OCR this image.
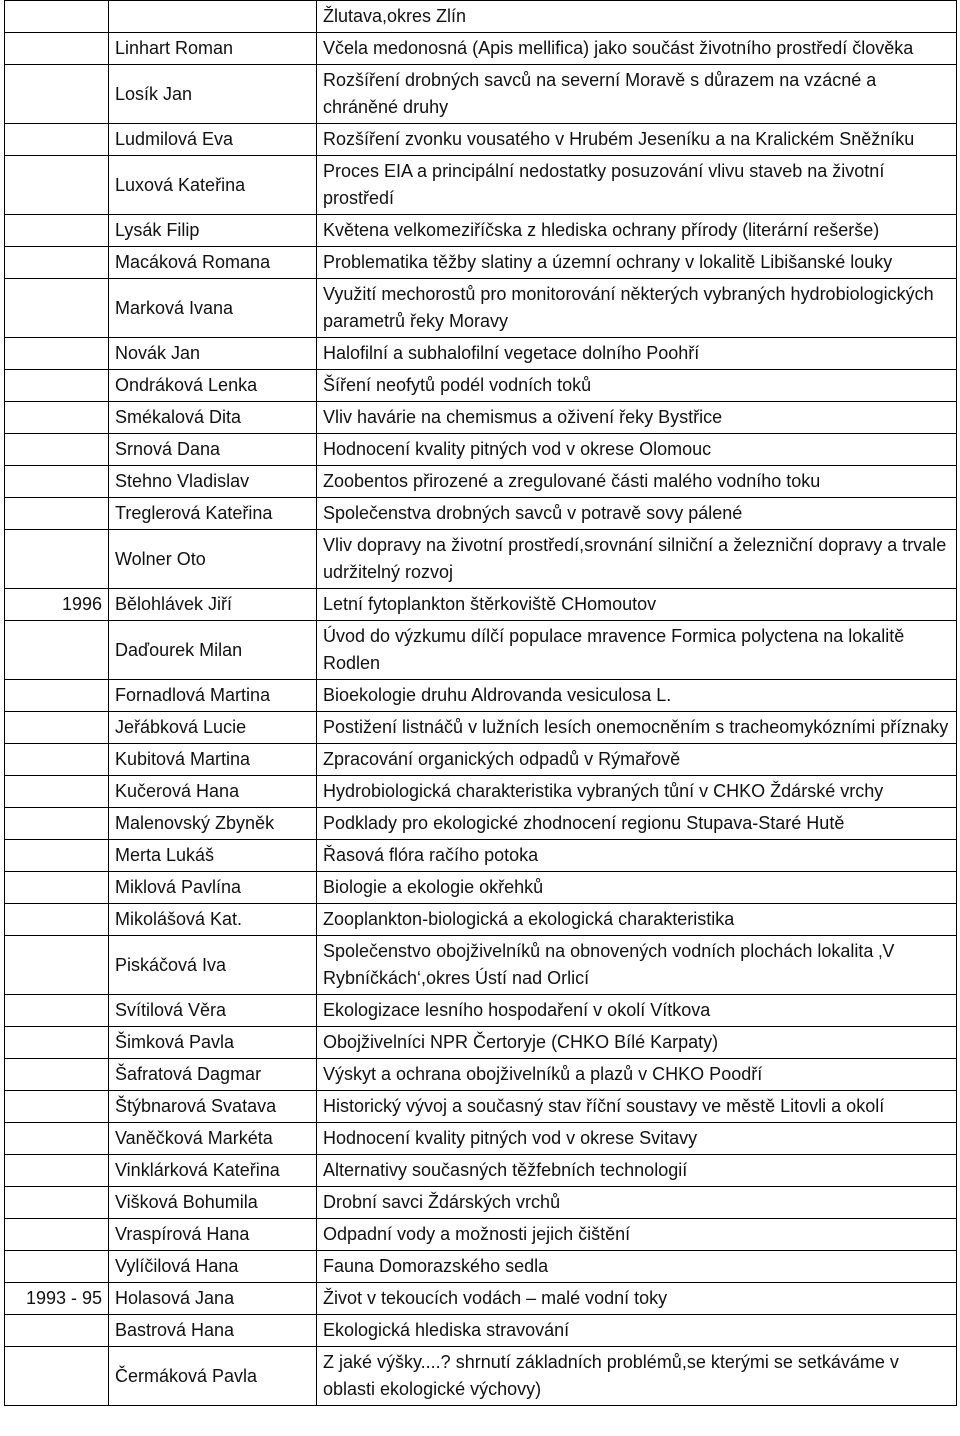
		Žlutava,okres Zlín
	Linhart Roman	Včela medonosná (Apis mellifica) jako součást životního prostředí člověka
	Losík Jan	Rozšíření drobných savců na severní Moravě s důrazem na vzácné a chráněné druhy
	Ludmilová Eva	Rozšíření zvonku vousatého v Hrubém Jeseníku a na Kralickém Sněžníku
	Luxová Kateřina	Proces EIA a principální nedostatky posuzování vlivu staveb na životní prostředí
	Lysák Filip	Květena velkomeziříčska z hlediska ochrany přírody (literární rešerše)
	Macáková Romana	Problematika těžby slatiny a územní ochrany v lokalitě Libišanské louky
	Marková Ivana	Využití mechorostů pro monitorování některých vybraných hydrobiologických parametrů řeky Moravy
	Novák Jan	Halofilní a subhalofilní vegetace dolního Poohří
	Ondráková Lenka	Šíření neofytů podél vodních toků
	Smékalová Dita	Vliv havárie na chemismus a oživení řeky Bystřice
	Srnová Dana	Hodnocení kvality pitných vod v okrese Olomouc
	Stehno Vladislav	Zoobentos přirozené a zregulované části malého vodního toku
	Treglerová Kateřina	Společenstva drobných savců v potravě sovy pálené
	Wolner Oto	Vliv dopravy na životní prostředí,srovnání silniční a železniční dopravy a trvale udržitelný rozvoj
1996	Bělohlávek Jiří	Letní fytoplankton štěrkoviště CHomoutov
	Daďourek Milan	Úvod do výzkumu dílčí populace mravence Formica polyctena na lokalitě Rodlen
	Fornadlová Martina	Bioekologie druhu Aldrovanda vesiculosa L.
	Jeřábková Lucie	Postižení listnáčů v lužních lesích onemocněním s tracheomykózními příznaky
	Kubitová Martina	Zpracování organických odpadů v Rýmařově
	Kučerová Hana	Hydrobiologická charakteristika vybraných tůní v CHKO Ždárské vrchy
	Malenovský Zbyněk	Podklady pro ekologické zhodnocení regionu Stupava-Staré Hutě
	Merta Lukáš	Řasová flóra račího potoka
	Miklová Pavlína	Biologie a ekologie okřehků
	Mikolášová Kat.	Zooplankton-biologická a ekologická charakteristika
	Piskáčová Iva	Společenstvo obojživelníků na obnovených vodních plochách lokalita ‚V Rybníčkách‘,okres Ústí nad Orlicí
	Svítilová Věra	Ekologizace lesního hospodaření v okolí Vítkova
	Šimková Pavla	Obojživelníci NPR Čertoryje (CHKO Bílé Karpaty)
	Šafratová Dagmar	Výskyt a ochrana obojživelníků a plazů v CHKO Poodří
	Štýbnarová Svatava	Historický vývoj a současný stav říční soustavy ve městě Litovli a okolí
	Vaněčková Markéta	Hodnocení kvality pitných vod v okrese Svitavy
	Vinklárková Kateřina	Alternativy současných těžfebních technologií
	Višková Bohumila	Drobní savci Ždárských vrchů
	Vraspírová Hana	Odpadní vody a možnosti jejich čištění
	Vylíčilová Hana	Fauna Domorazského sedla
1993 - 95	Holasová Jana	Život v tekoucích vodách – malé vodní toky
	Bastrová Hana	Ekologická hlediska stravování
	Čermáková Pavla	Z jaké výšky....? shrnutí základních problémů,se kterými se setkáváme v oblasti ekologické výchovy)
